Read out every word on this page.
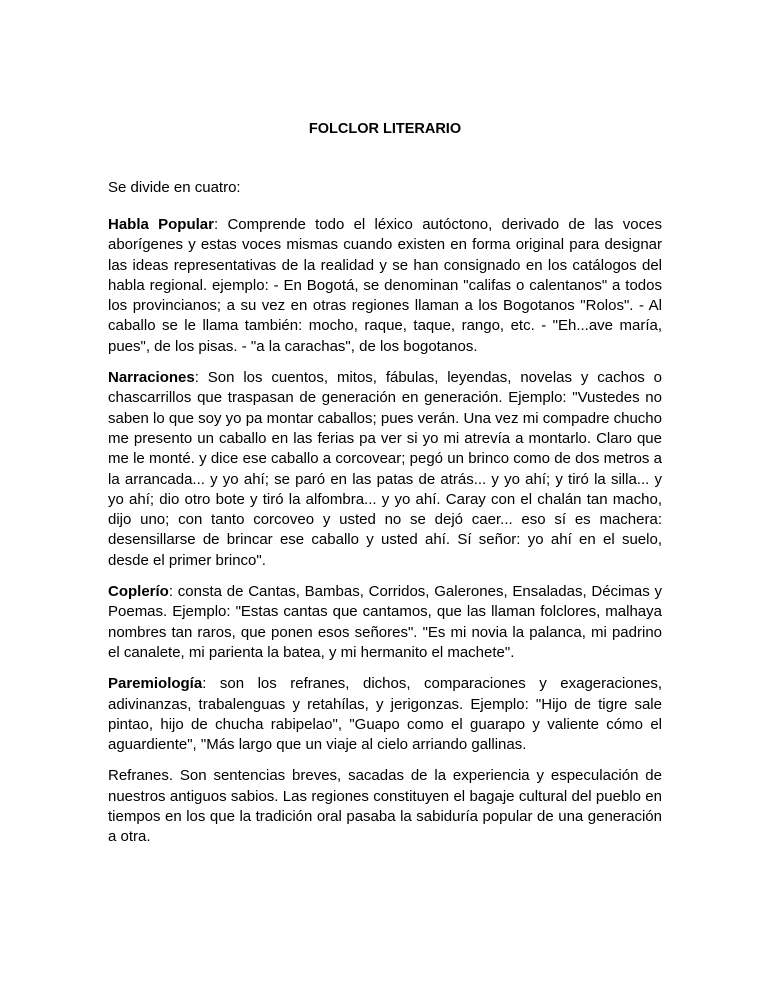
FOLCLOR LITERARIO
Se divide en cuatro:

Habla Popular: Comprende todo el léxico autóctono, derivado de las voces aborígenes y estas voces mismas cuando existen en forma original para designar las ideas representativas de la realidad y se han consignado en los catálogos del habla regional. ejemplo: - En Bogotá, se denominan "califas o calentanos" a todos los provincianos; a su vez en otras regiones llaman a los Bogotanos "Rolos". - Al caballo se le llama también: mocho, raque, taque, rango, etc. - "Eh...ave maría, pues", de los pisas. - "a la carachas", de los bogotanos.

Narraciones: Son los cuentos, mitos, fábulas, leyendas, novelas y cachos o chascarrillos que traspasan de generación en generación. Ejemplo: "Vustedes no saben lo que soy yo pa montar caballos; pues verán. Una vez mi compadre chucho me presento un caballo en las ferias pa ver si yo mi atrevía a montarlo. Claro que me le monté. y dice ese caballo a corcovear; pegó un brinco como de dos metros a la arrancada... y yo ahí; se paró en las patas de atrás... y yo ahí; y tiró la silla... y yo ahí; dio otro bote y tiró la alfombra... y yo ahí. Caray con el chalán tan macho, dijo uno; con tanto corcoveo y usted no se dejó caer... eso sí es machera: desensillarse de brincar ese caballo y usted ahí. Sí señor: yo ahí en el suelo, desde el primer brinco".

Coplerío: consta de Cantas, Bambas, Corridos, Galerones, Ensaladas, Décimas y Poemas. Ejemplo: "Estas cantas que cantamos, que las llaman folclores, malhaya nombres tan raros, que ponen esos señores". "Es mi novia la palanca, mi padrino el canalete, mi parienta la batea, y mi hermanito el machete".

Paremiología: son los refranes, dichos, comparaciones y exageraciones, adivinanzas, trabalenguas y retahílas, y jerigonzas. Ejemplo: "Hijo de tigre sale pintao, hijo de chucha rabipelao", "Guapo como el guarapo y valiente cómo el aguardiente", "Más largo que un viaje al cielo arriando gallinas.

Refranes. Son sentencias breves, sacadas de la experiencia y especulación de nuestros antiguos sabios. Las regiones constituyen el bagaje cultural del pueblo en tiempos en los que la tradición oral pasaba la sabiduría popular de una generación a otra.
